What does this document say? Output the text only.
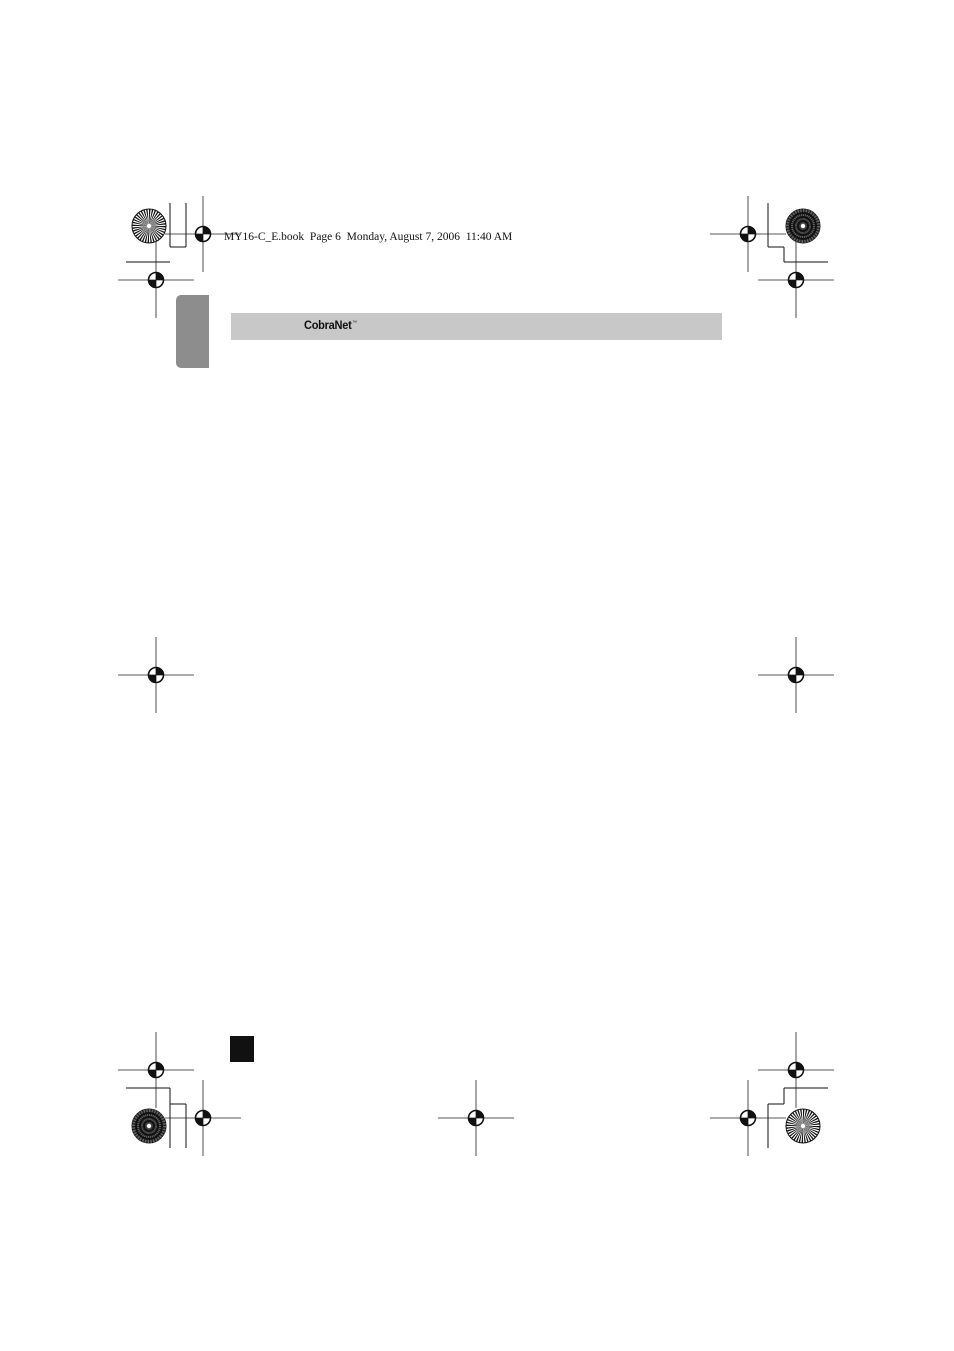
MY16-C_E.book  Page 6  Monday, August 7, 2006  11:40 AM
CobraNet™
